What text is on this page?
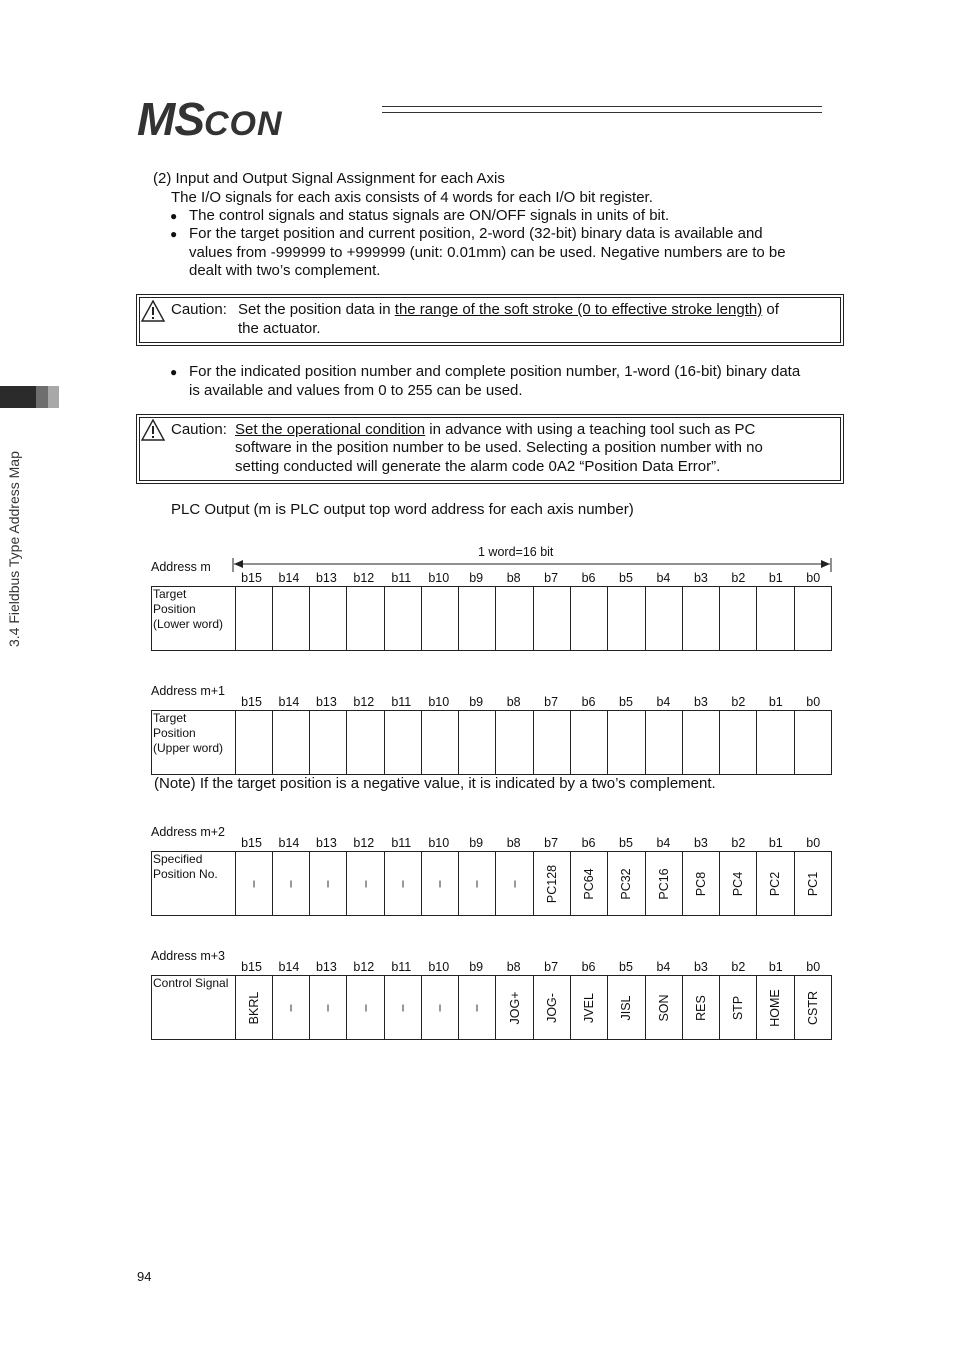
MSCON
3.4 Fieldbus Type Address Map
(2) Input and Output Signal Assignment for each Axis
The I/O signals for each axis consists of 4 words for each I/O bit register.
● The control signals and status signals are ON/OFF signals in units of bit.
● For the target position and current position, 2-word (32-bit) binary data is available and
values from -999999 to +999999 (unit: 0.01mm) can be used. Negative numbers are to be
dealt with two’s complement.
Caution: Set the position data in the range of the soft stroke (0 to effective stroke length) of
the actuator.
● For the indicated position number and complete position number, 1-word (16-bit) binary data
is available and values from 0 to 255 can be used.
Caution: Set the operational condition in advance with using a teaching tool such as PC
software in the position number to be used. Selecting a position number with no
setting conducted will generate the alarm code 0A2 “Position Data Error”.
PLC Output (m is PLC output top word address for each axis number)
1 word=16 bit
Address m
b15	b14	b13	b12	b11	b10	b9	b8	b7	b6	b5	b4	b3	b2	b1	b0
Target
Position
(Lower word)

Address m+1
b15	b14	b13	b12	b11	b10	b9	b8	b7	b6	b5	b4	b3	b2	b1	b0
Target
Position
(Upper word)

Address m+2
b15	b14	b13	b12	b11	b10	b9	b8	b7	b6	b5	b4	b3	b2	b1	b0
Specified
Position No.									PC128	PC64	PC32	PC16	PC8	PC4	PC2	PC1
Address m+3
b15	b14	b13	b12	b11	b10	b9	b8	b7	b6	b5	b4	b3	b2	b1	b0
Control Signal

BKRL							JOG+	JOG-	JVEL	JISL	SON	RES	STP	HOME	CSTR
(Note) If the target position is a negative value, it is indicated by a two’s complement.
94
